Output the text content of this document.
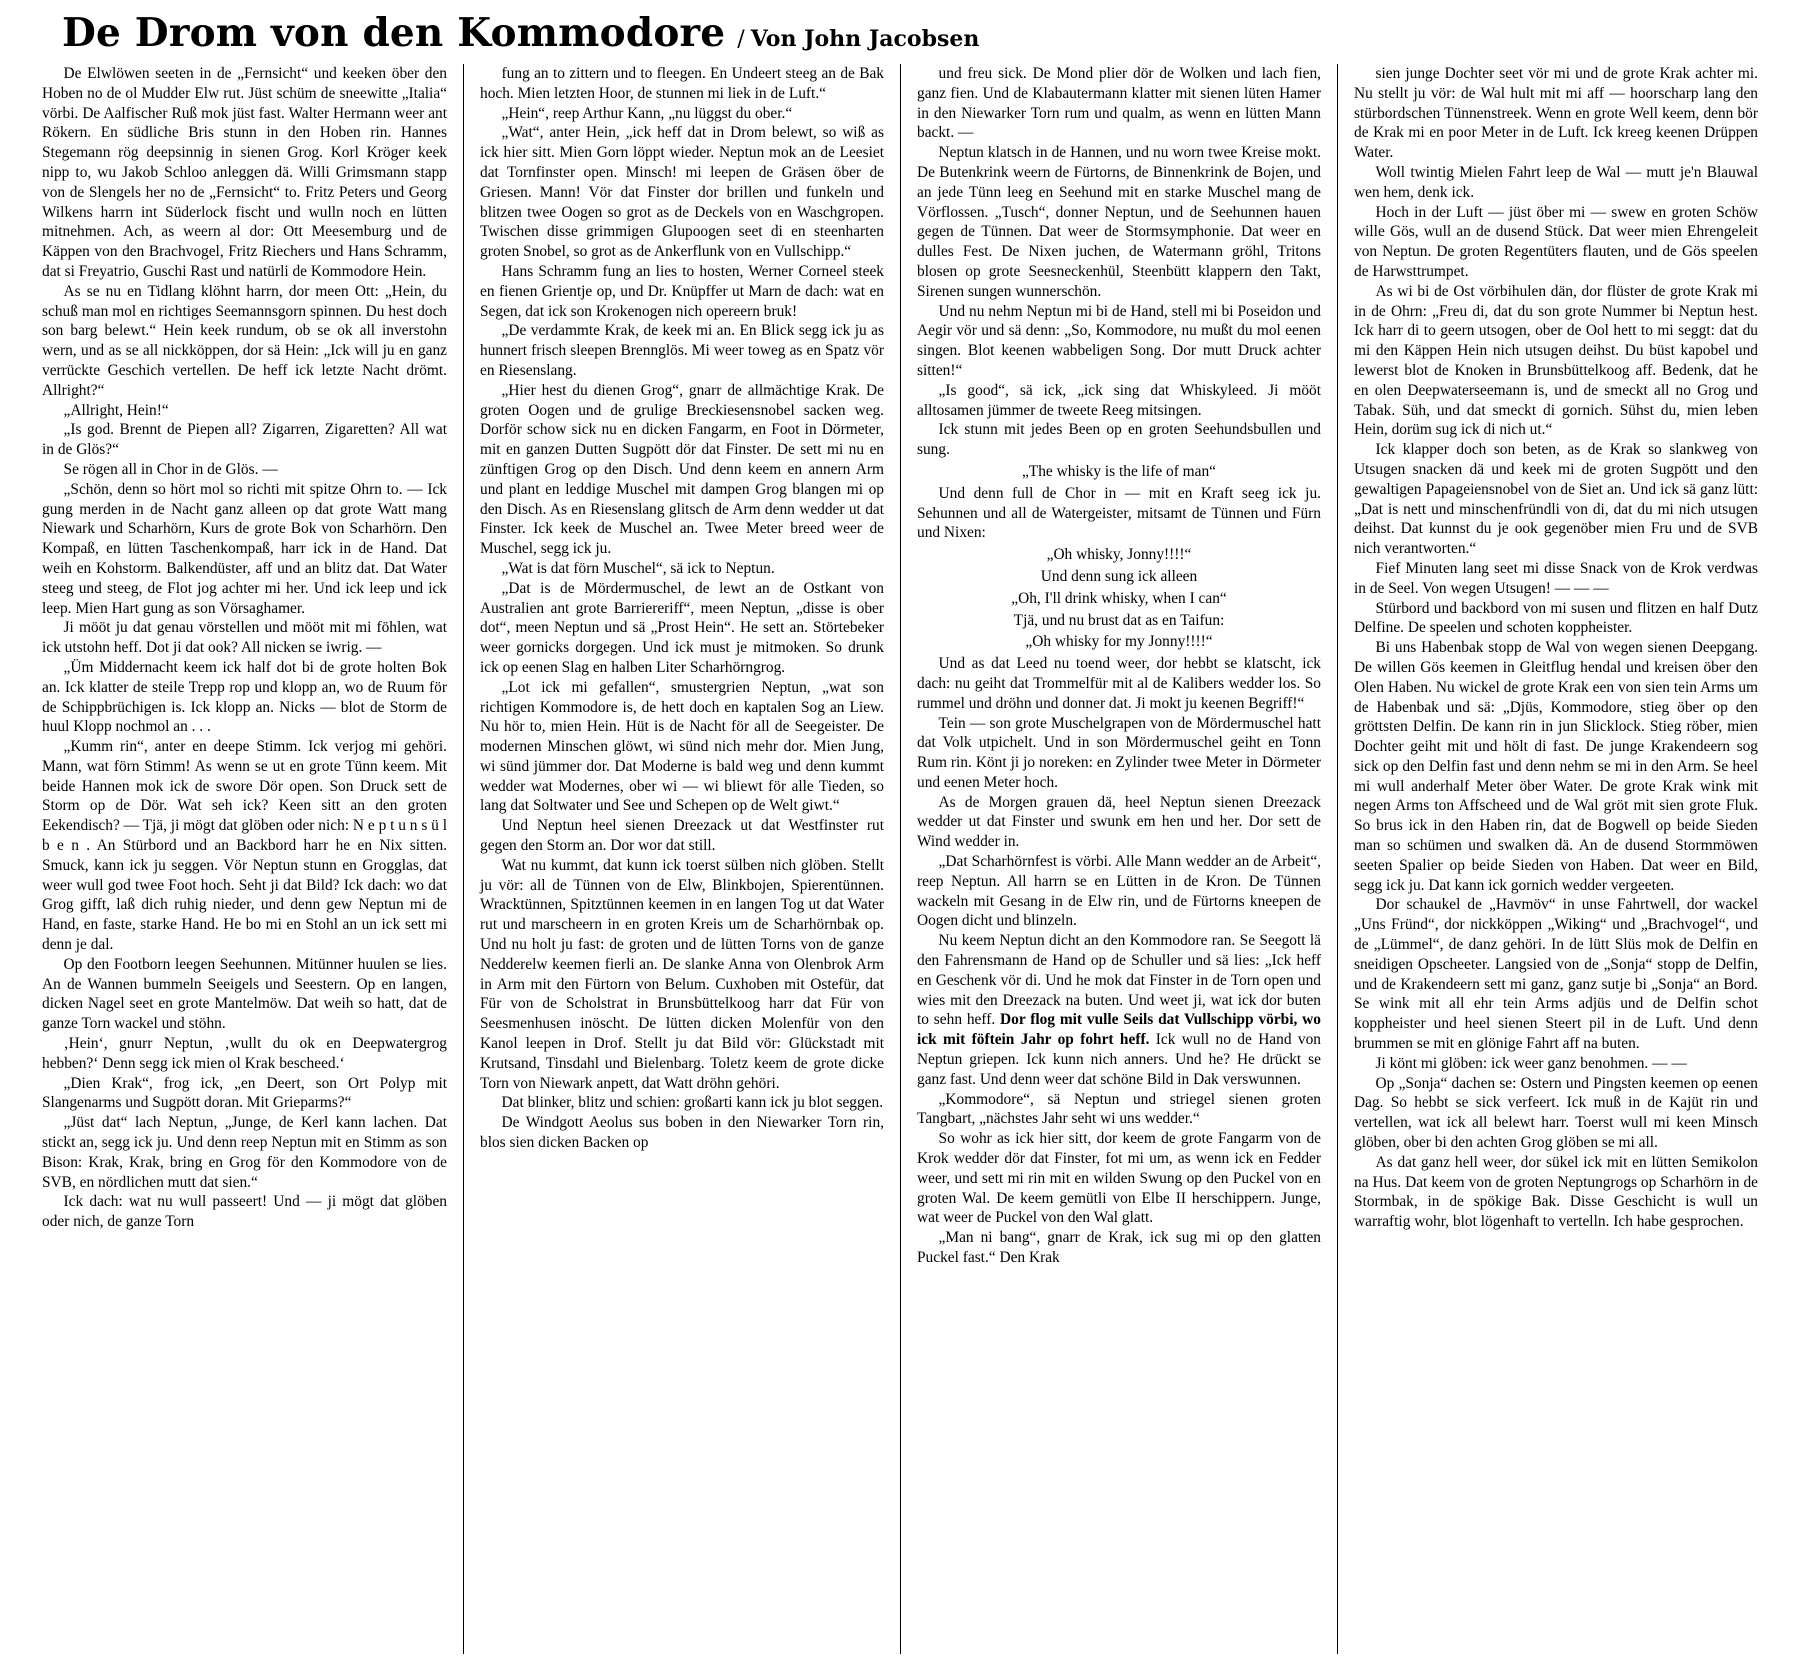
De Drom von den Kommodore / Von John Jacobsen

De Elwlöwen seeten in de „Fernsicht“ und keeken öber den Hoben no de ol Mudder Elw rut. Jüst schüm de sneewitte „Italia“ vörbi. De Aalfischer Ruß mok jüst fast. Walter Hermann weer ant Rökern. En südliche Bris stunn in den Hoben rin. Hannes Stegemann rög deepsinnig in sienen Grog. Korl Kröger keek nipp to, wu Jakob Schloo anleggen dä. Willi Grimsmann stapp von de Slengels her no de „Fernsicht“ to. Fritz Peters und Georg Wilkens harrn int Süderlock fischt und wulln noch en lütten mitnehmen. Ach, as weern al dor: Ott Meesemburg und de Käppen von den Brachvogel, Fritz Riechers und Hans Schramm, dat si Freyatrio, Guschi Rast und natürli de Kommodore Hein.

As se nu en Tidlang klöhnt harrn, dor meen Ott: „Hein, du schuß man mol en richtiges Seemannsgorn spinnen. Du hest doch son barg belewt.“ Hein keek rundum, ob se ok all inverstohn wern, und as se all nickköppen, dor sä Hein: „Ick will ju en ganz verrückte Geschich vertellen. De heff ick letzte Nacht drömt. Allright?“

„Allright, Hein!“

„Is god. Brennt de Piepen all? Zigarren, Zigaretten? All wat in de Glös?“

Se rögen all in Chor in de Glös. —

„Schön, denn so hört mol so richti mit spitze Ohrn to. — Ick gung merden in de Nacht ganz alleen op dat grote Watt mang Niewark und Scharhörn, Kurs de grote Bok von Scharhörn. Den Kompaß, en lütten Taschenkompaß, harr ick in de Hand. Dat weih en Kohstorm. Balkendüster, aff und an blitz dat. Dat Water steeg und steeg, de Flot jog achter mi her. Und ick leep und ick leep. Mien Hart gung as son Vörsaghamer.

Ji mööt ju dat genau vörstellen und mööt mit mi föhlen, wat ick utstohn heff. Dot ji dat ook? All nicken se iwrig. —

„Üm Middernacht keem ick half dot bi de grote holten Bok an. Ick klatter de steile Trepp rop und klopp an, wo de Ruum för de Schippbrüchigen is. Ick klopp an. Nicks — blot de Storm de huul Klopp nochmol an . . .

„Kumm rin“, anter en deepe Stimm. Ick verjog mi gehöri. Mann, wat förn Stimm! As wenn se ut en grote Tünn keem. Mit beide Hannen mok ick de swore Dör open. Son Druck sett de Storm op de Dör. Wat seh ick? Keen sitt an den groten Eekendisch? — Tjä, ji mögt dat glöben oder nich: N e p t u n s ü l b e n . An Stürbord und an Backbord harr he en Nix sitten. Smuck, kann ick ju seggen. Vör Neptun stunn en Grogglas, dat weer wull god twee Foot hoch. Seht ji dat Bild? Ick dach: wo dat Grog gifft, laß dich ruhig nieder, und denn gew Neptun mi de Hand, en faste, starke Hand. He bo mi en Stohl an un ick sett mi denn je dal.

Op den Footborn leegen Seehunnen. Mitünner huulen se lies. An de Wannen bummeln Seeigels und Seestern. Op en langen, dicken Nagel seet en grote Mantelmöw. Dat weih so hatt, dat de ganze Torn wackel und stöhn.

‚Hein‘, gnurr Neptun, ‚wullt du ok en Deepwatergrog hebben?‘ Denn segg ick mien ol Krak bescheed.‘

„Dien Krak“, frog ick, „en Deert, son Ort Polyp mit Slangenarms und Sugpött doran. Mit Grieparms?“

„Jüst dat“ lach Neptun, „Junge, de Kerl kann lachen. Dat stickt an, segg ick ju. Und denn reep Neptun mit en Stimm as son Bison: Krak, Krak, bring en Grog för den Kommodore von de SVB, en nördlichen mutt dat sien.“

Ick dach: wat nu wull passeert! Und — ji mögt dat glöben oder nich, de ganze Torn

fung an to zittern und to fleegen. En Undeert steeg an de Bak hoch. Mien letzten Hoor, de stunnen mi liek in de Luft.“

„Hein“, reep Arthur Kann, „nu lüggst du ober.“

„Wat“, anter Hein, „ick heff dat in Drom belewt, so wiß as ick hier sitt. Mien Gorn löppt wieder. Neptun mok an de Leesiet dat Tornfinster open. Minsch! mi leepen de Gräsen öber de Griesen. Mann! Vör dat Finster dor brillen und funkeln und blitzen twee Oogen so grot as de Deckels von en Waschgropen. Twischen disse grimmigen Glupoogen seet di en steenharten groten Snobel, so grot as de Ankerflunk von en Vullschipp.“

Hans Schramm fung an lies to hosten, Werner Corneel steek en fienen Grientje op, und Dr. Knüpffer ut Marn de dach: wat en Segen, dat ick son Krokenogen nich opereern bruk!

„De verdammte Krak, de keek mi an. En Blick segg ick ju as hunnert frisch sleepen Brennglös. Mi weer toweg as en Spatz vör en Riesenslang.

„Hier hest du dienen Grog“, gnarr de allmächtige Krak. De groten Oogen und de grulige Breckiesensnobel sacken weg. Dorför schow sick nu en dicken Fangarm, en Foot in Dörmeter, mit en ganzen Dutten Sugpött dör dat Finster. De sett mi nu en zünftigen Grog op den Disch. Und denn keem en annern Arm und plant en leddige Muschel mit dampen Grog blangen mi op den Disch. As en Riesenslang glitsch de Arm denn wedder ut dat Finster. Ick keek de Muschel an. Twee Meter breed weer de Muschel, segg ick ju.

„Wat is dat förn Muschel“, sä ick to Neptun.

„Dat is de Mördermuschel, de lewt an de Ostkant von Australien ant grote Barriereriff“, meen Neptun, „disse is ober dot“, meen Neptun und sä „Prost Hein“. He sett an. Störtebeker weer gornicks dorgegen. Und ick must je mitmoken. So drunk ick op eenen Slag en halben Liter Scharhörngrog.

„Lot ick mi gefallen“, smustergrien Neptun, „wat son richtigen Kommodore is, de hett doch en kaptalen Sog an Liew. Nu hör to, mien Hein. Hüt is de Nacht för all de Seegeister. De modernen Minschen glöwt, wi sünd nich mehr dor. Mien Jung, wi sünd jümmer dor. Dat Moderne is bald weg und denn kummt wedder wat Modernes, ober wi — wi bliewt för alle Tieden, so lang dat Soltwater und See und Schepen op de Welt giwt.“

Und Neptun heel sienen Dreezack ut dat Westfinster rut gegen den Storm an. Dor wor dat still.

Wat nu kummt, dat kunn ick toerst sülben nich glöben. Stellt ju vör: all de Tünnen von de Elw, Blinkbojen, Spierentünnen. Wracktünnen, Spitztünnen keemen in en langen Tog ut dat Water rut und marscheern in en groten Kreis um de Scharhörnbak op. Und nu holt ju fast: de groten und de lütten Torns von de ganze Nedderelw keemen fierli an. De slanke Anna von Olenbrok Arm in Arm mit den Fürtorn von Belum. Cuxhoben mit Ostefür, dat Für von de Scholstrat in Brunsbüttelkoog harr dat Für von Seesmenhusen inöscht. De lütten dicken Molenfür von den Kanol leepen in Drof. Stellt ju dat Bild vör: Glückstadt mit Krutsand, Tinsdahl und Bielenbarg. Toletz keem de grote dicke Torn von Niewark anpett, dat Watt dröhn gehöri.

Dat blinker, blitz und schien: großarti kann ick ju blot seggen.

De Windgott Aeolus sus boben in den Niewarker Torn rin, blos sien dicken Backen op

und freu sick. De Mond plier dör de Wolken und lach fien, ganz fien. Und de Klabautermann klatter mit sienen lüten Hamer in den Niewarker Torn rum und qualm, as wenn en lütten Mann backt. —

Neptun klatsch in de Hannen, und nu worn twee Kreise mokt. De Butenkrink weern de Fürtorns, de Binnenkrink de Bojen, und an jede Tünn leeg en Seehund mit en starke Muschel mang de Vörflossen. „Tusch“, donner Neptun, und de Seehunnen hauen gegen de Tünnen. Dat weer de Stormsymphonie. Dat weer en dulles Fest. De Nixen juchen, de Watermann gröhl, Tritons blosen op grote Seesneckenhül, Steenbütt klappern den Takt, Sirenen sungen wunnerschön.

Und nu nehm Neptun mi bi de Hand, stell mi bi Poseidon und Aegir vör und sä denn: „So, Kommodore, nu mußt du mol eenen singen. Blot keenen wabbeligen Song. Dor mutt Druck achter sitten!“

„Is good“, sä ick, „ick sing dat Whiskyleed. Ji mööt alltosamen jümmer de tweete Reeg mitsingen.

Ick stunn mit jedes Been op en groten Seehundsbullen und sung.

„The whisky is the life of man“

Und denn full de Chor in — mit en Kraft seeg ick ju. Sehunnen und all de Watergeister, mitsamt de Tünnen und Fürn und Nixen:

„Oh whisky, Jonny!!!!“

Und denn sung ick alleen

„Oh, I'll drink whisky, when I can“

Tjä, und nu brust dat as en Taifun:

„Oh whisky for my Jonny!!!!“

Und as dat Leed nu toend weer, dor hebbt se klatscht, ick dach: nu geiht dat Trommelfür mit al de Kalibers wedder los. So rummel und dröhn und donner dat. Ji mokt ju keenen Begriff!“

Tein — son grote Muschelgrapen von de Mördermuschel hatt dat Volk utpichelt. Und in son Mördermuschel geiht en Tonn Rum rin. Könt ji jo noreken: en Zylinder twee Meter in Dörmeter und eenen Meter hoch.

As de Morgen grauen dä, heel Neptun sienen Dreezack wedder ut dat Finster und swunk em hen und her. Dor sett de Wind wedder in.

„Dat Scharhörnfest is vörbi. Alle Mann wedder an de Arbeit“, reep Neptun. All harrn se en Lütten in de Kron. De Tünnen wackeln mit Gesang in de Elw rin, und de Fürtorns kneepen de Oogen dicht und blinzeln.

Nu keem Neptun dicht an den Kommodore ran. Se Seegott lä den Fahrensmann de Hand op de Schuller und sä lies: „Ick heff en Geschenk vör di. Und he mok dat Finster in de Torn open und wies mit den Dreezack na buten. Und weet ji, wat ick dor buten to sehn heff. Dor flog mit vulle Seils dat Vullschipp vörbi, wo ick mit föftein Jahr op fohrt heff. Ick wull no de Hand von Neptun griepen. Ick kunn nich anners. Und he? He drückt se ganz fast. Und denn weer dat schöne Bild in Dak verswunnen.

„Kommodore“, sä Neptun und striegel sienen groten Tangbart, „nächstes Jahr seht wi uns wedder.“

So wohr as ick hier sitt, dor keem de grote Fangarm von de Krok wedder dör dat Finster, fot mi um, as wenn ick en Fedder weer, und sett mi rin mit en wilden Swung op den Puckel von en groten Wal. De keem gemütli von Elbe II herschippern. Junge, wat weer de Puckel von den Wal glatt.

„Man ni bang“, gnarr de Krak, ick sug mi op den glatten Puckel fast.“ Den Krak

sien junge Dochter seet vör mi und de grote Krak achter mi. Nu stellt ju vör: de Wal hult mit mi aff — hoorscharp lang den stürbordschen Tünnenstreek. Wenn en grote Well keem, denn bör de Krak mi en poor Meter in de Luft. Ick kreeg keenen Drüppen Water.

Woll twintig Mielen Fahrt leep de Wal — mutt je'n Blauwal wen hem, denk ick.

Hoch in der Luft — jüst öber mi — swew en groten Schöw wille Gös, wull an de dusend Stück. Dat weer mien Ehrengeleit von Neptun. De groten Regentüters flauten, und de Gös speelen de Harwsttrumpet.

As wi bi de Ost vörbihulen dän, dor flüster de grote Krak mi in de Ohrn: „Freu di, dat du son grote Nummer bi Neptun hest. Ick harr di to geern utsogen, ober de Ool hett to mi seggt: dat du mi den Käppen Hein nich utsugen deihst. Du büst kapobel und lewerst blot de Knoken in Brunsbüttelkoog aff. Bedenk, dat he en olen Deepwaterseemann is, und de smeckt all no Grog und Tabak. Süh, und dat smeckt di gornich. Sühst du, mien leben Hein, dorüm sug ick di nich ut.“

Ick klapper doch son beten, as de Krak so slankweg von Utsugen snacken dä und keek mi de groten Sugpött und den gewaltigen Papageiensnobel von de Siet an. Und ick sä ganz lütt: „Dat is nett und minschenfründli von di, dat du mi nich utsugen deihst. Dat kunnst du je ook gegenöber mien Fru und de SVB nich verantworten.“

Fief Minuten lang seet mi disse Snack von de Krok verdwas in de Seel. Von wegen Utsugen! — — —

Stürbord und backbord von mi susen und flitzen en half Dutz Delfine. De speelen und schoten koppheister.

Bi uns Habenbak stopp de Wal von wegen sienen Deepgang. De willen Gös keemen in Gleitflug hendal und kreisen öber den Olen Haben. Nu wickel de grote Krak een von sien tein Arms um de Habenbak und sä: „Djüs, Kommodore, stieg öber op den gröttsten Delfin. De kann rin in jun Slicklock. Stieg röber, mien Dochter geiht mit und hölt di fast. De junge Krakendeern sog sick op den Delfin fast und denn nehm se mi in den Arm. Se heel mi wull anderhalf Meter öber Water. De grote Krak wink mit negen Arms ton Affscheed und de Wal gröt mit sien grote Fluk. So brus ick in den Haben rin, dat de Bogwell op beide Sieden man so schümen und swalken dä. An de dusend Stormmöwen seeten Spalier op beide Sieden von Haben. Dat weer en Bild, segg ick ju. Dat kann ick gornich wedder vergeeten.

Dor schaukel de „Havmöv“ in unse Fahrtwell, dor wackel „Uns Fründ“, dor nickköppen „Wiking“ und „Brachvogel“, und de „Lümmel“, de danz gehöri. In de lütt Slüs mok de Delfin en sneidigen Opscheeter. Langsied von de „Sonja“ stopp de Delfin, und de Krakendeern sett mi ganz, ganz sutje bi „Sonja“ an Bord. Se wink mit all ehr tein Arms adjüs und de Delfin schot koppheister und heel sienen Steert pil in de Luft. Und denn brummen se mit en glönige Fahrt aff na buten.

Ji könt mi glöben: ick weer ganz benohmen. — —

Op „Sonja“ dachen se: Ostern und Pingsten keemen op eenen Dag. So hebbt se sick verfeert. Ick muß in de Kajüt rin und vertellen, wat ick all belewt harr. Toerst wull mi keen Minsch glöben, ober bi den achten Grog glöben se mi all.

As dat ganz hell weer, dor sükel ick mit en lütten Semikolon na Hus. Dat keem von de groten Neptungrogs op Scharhörn in de Stormbak, in de spökige Bak. Disse Geschicht is wull un warraftig wohr, blot lögenhaft to vertelln. Ich habe gesprochen.
